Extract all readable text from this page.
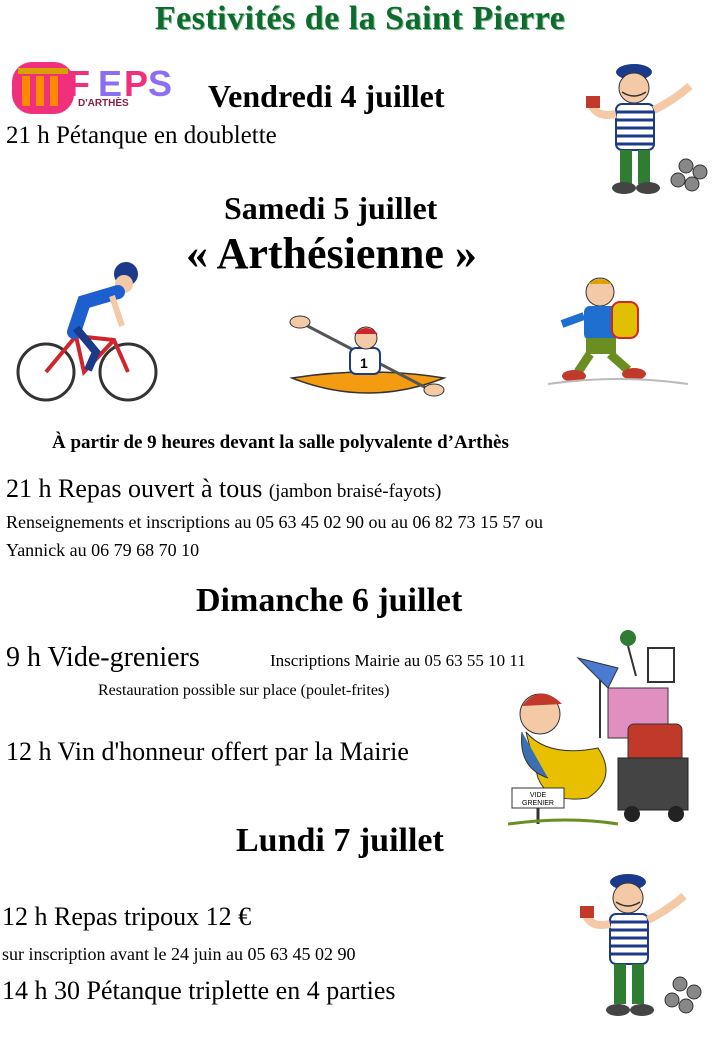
Festivités de la Saint Pierre
F E P S
D'ARTHÈS Vendredi 4 juillet
21 h Pétanque en doublette
Samedi 5 juillet
« Arthésienne »
1
À partir de 9 heures devant la salle polyvalente d’Arthès
21 h Repas ouvert à tous (jambon braisé-fayots)
Renseignements et inscriptions au 05 63 45 02 90 ou au 06 82 73 15 57 ou
Yannick au 06 79 68 70 10
Dimanche 6 juillet
9 h Vide-greniers	Inscriptions Mairie au 05 63 55 10 11
Restauration possible sur place (poulet-frites)
12 h Vin d'honneur offert par la Mairie
VIDE GRENIER
Lundi 7 juillet
12 h Repas tripoux 12 €
sur inscription avant le 24 juin au 05 63 45 02 90
14 h 30 Pétanque triplette en 4 parties
